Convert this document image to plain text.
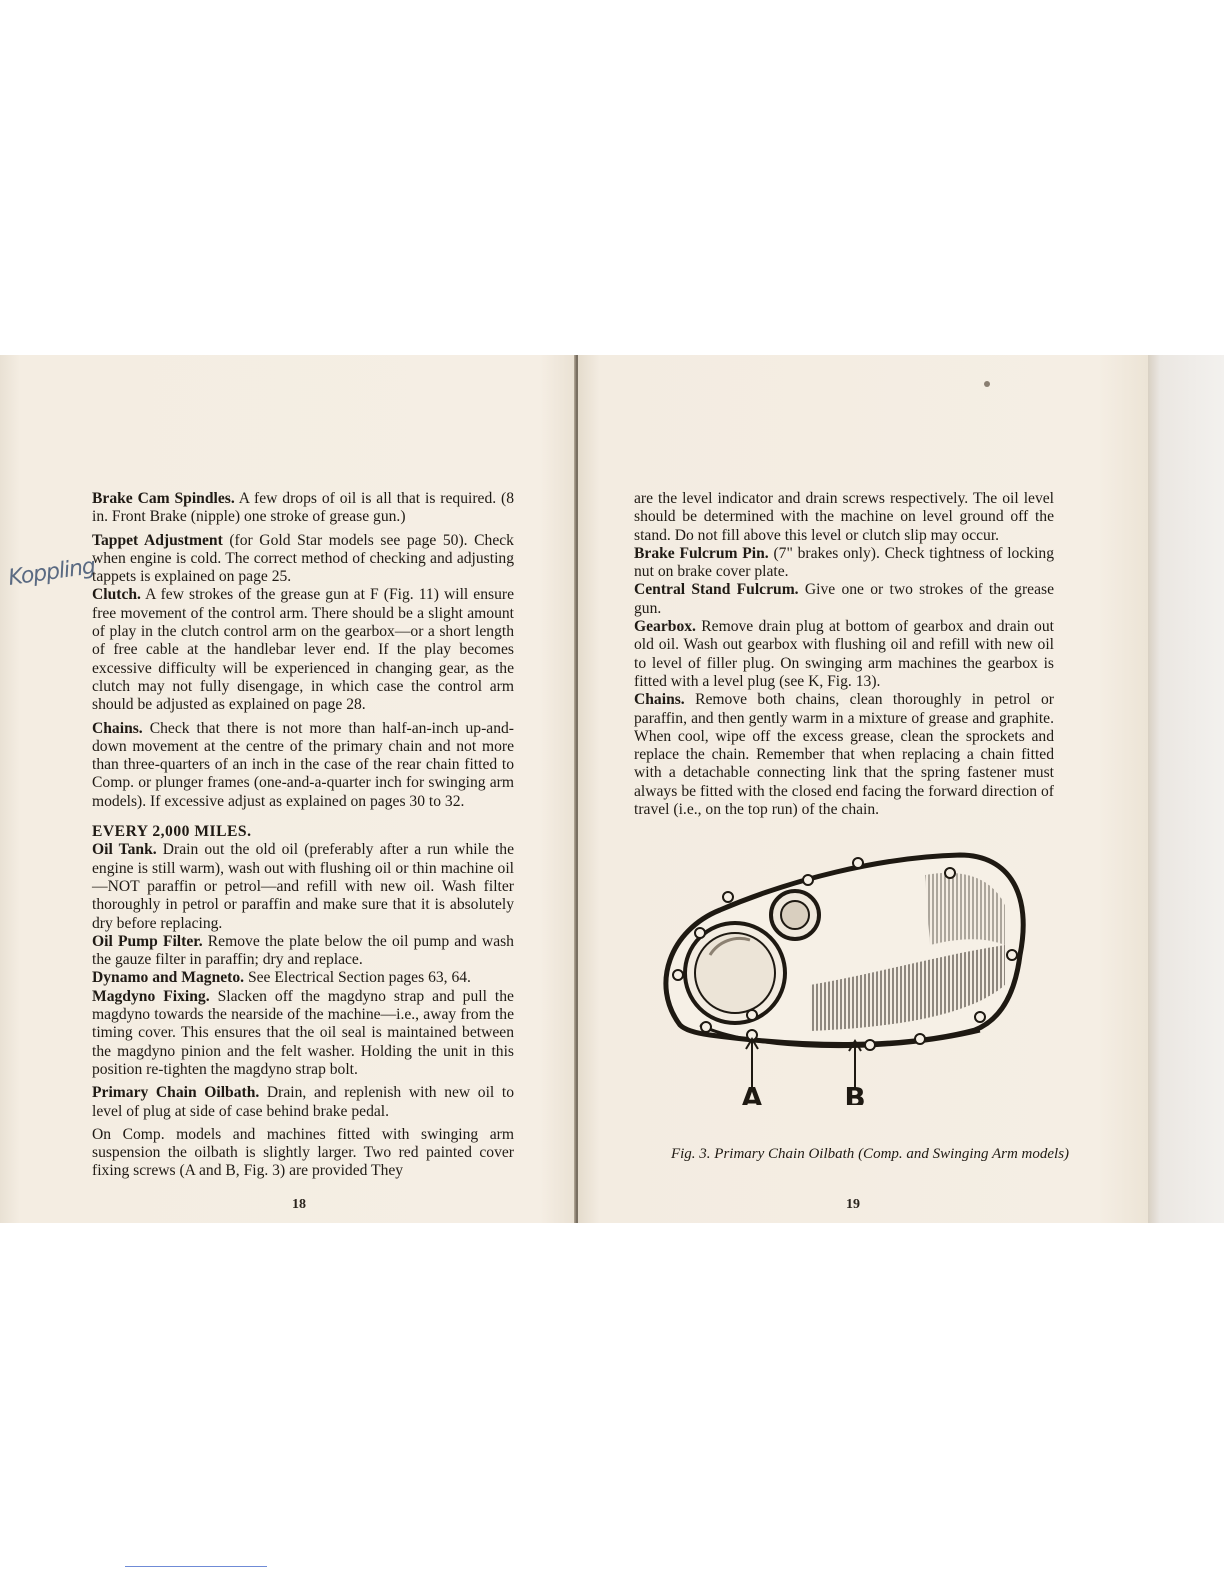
Koppling

Brake Cam Spindles. A few drops of oil is all that is required. (8 in. Front Brake (nipple) one stroke of grease gun.)

Tappet Adjustment (for Gold Star models see page 50). Check when engine is cold. The correct method of checking and adjusting tappets is explained on page 25.

Clutch. A few strokes of the grease gun at F (Fig. 11) will ensure free movement of the control arm. There should be a slight amount of play in the clutch control arm on the gearbox—or a short length of free cable at the handlebar lever end. If the play becomes excessive difficulty will be experienced in changing gear, as the clutch may not fully disengage, in which case the control arm should be adjusted as explained on page 28.

Chains. Check that there is not more than half-an-inch up-and-down movement at the centre of the primary chain and not more than three-quarters of an inch in the case of the rear chain fitted to Comp. or plunger frames (one-and-a-quarter inch for swinging arm models). If excessive adjust as explained on pages 30 to 32.

EVERY 2,000 MILES.

Oil Tank. Drain out the old oil (preferably after a run while the engine is still warm), wash out with flushing oil or thin machine oil—NOT paraffin or petrol—and refill with new oil. Wash filter thoroughly in petrol or paraffin and make sure that it is absolutely dry before replacing.

Oil Pump Filter. Remove the plate below the oil pump and wash the gauze filter in paraffin; dry and replace.

Dynamo and Magneto. See Electrical Section pages 63, 64.

Magdyno Fixing. Slacken off the magdyno strap and pull the magdyno towards the nearside of the machine—i.e., away from the timing cover. This ensures that the oil seal is maintained between the magdyno pinion and the felt washer. Holding the unit in this position re-tighten the magdyno strap bolt.

Primary Chain Oilbath. Drain, and replenish with new oil to level of plug at side of case behind brake pedal.

On Comp. models and machines fitted with swinging arm suspension the oilbath is slightly larger. Two red painted cover fixing screws (A and B, Fig. 3) are provided They

18	19

are the level indicator and drain screws respectively. The oil level should be determined with the machine on level ground off the stand. Do not fill above this level or clutch slip may occur.

Brake Fulcrum Pin. (7" brakes only). Check tightness of locking nut on brake cover plate.

Central Stand Fulcrum. Give one or two strokes of the grease gun.

Gearbox. Remove drain plug at bottom of gearbox and drain out old oil. Wash out gearbox with flushing oil and refill with new oil to level of filler plug. On swinging arm machines the gearbox is fitted with a level plug (see K, Fig. 13).

Chains. Remove both chains, clean thoroughly in petrol or paraffin, and then gently warm in a mixture of grease and graphite. When cool, wipe off the excess grease, clean the sprockets and replace the chain. Remember that when replacing a chain fitted with a detachable connecting link that the spring fastener must always be fitted with the closed end facing the forward direction of travel (i.e., on the top run) of the chain.

A	B
Fig. 3. Primary Chain Oilbath (Comp. and Swinging Arm models)
